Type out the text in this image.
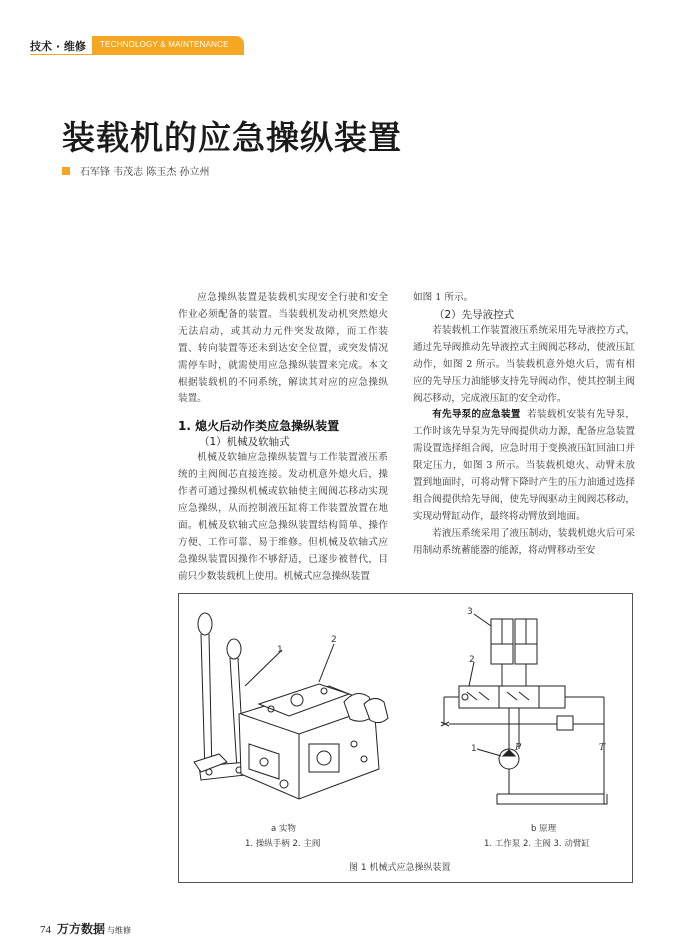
技术 · 维修	TECHNOLOGY & MAINTENANCE
装载机的应急操纵装置
石军锋 韦茂志 陈玉杰 孙立州

应急操纵装置是装载机实现安全行驶和安全作业必须配备的装置。当装载机发动机突然熄火无法启动，或其动力元件突发故障，而工作装置、转向装置等还未到达安全位置，或突发情况需停车时，就需使用应急操纵装置来完成。本文根据装载机的不同系统，解读其对应的应急操纵装置。

1. 熄火后动作类应急操纵装置
（1）机械及软轴式

机械及软轴应急操纵装置与工作装置液压系统的主阀阀芯直接连接。发动机意外熄火后，操作者可通过操纵机械或软轴使主阀阀芯移动实现应急操纵，从而控制液压缸将工作装置放置在地面。机械及软轴式应急操纵装置结构简单、操作方便、工作可靠、易于维修。但机械及软轴式应急操纵装置因操作不够舒适，已逐步被替代，目前只少数装载机上使用。机械式应急操纵装置

如图 1 所示。

（2）先导液控式

若装载机工作装置液压系统采用先导液控方式，通过先导阀推动先导液控式主阀阀芯移动，使液压缸动作，如图 2 所示。当装载机意外熄火后，需有相应的先导压力油能够支持先导阀动作，使其控制主阀阀芯移动，完成液压缸的安全动作。

有先导泵的应急装置 若装载机安装有先导泵，工作时该先导泵为先导阀提供动力源，配备应急装置需设置选择组合阀，应急时用于变换液压缸回油口并限定压力，如图 3 所示。当装载机熄火、动臂未放置到地面时，可将动臂下降时产生的压力油通过选择组合阀提供给先导阀，使先导阀驱动主阀阀芯移动，实现动臂缸动作，最终将动臂放到地面。

若液压系统采用了液压制动，装载机熄火后可采用制动系统蓄能器的能源，将动臂移动至安

1
2
3
2
1	P	T
a 实物
1. 操纵手柄 2. 主阀
b 原理
1. 工作泵 2. 主阀 3. 动臂缸
图 1 机械式应急操纵装置
74 万方数据 与维修
